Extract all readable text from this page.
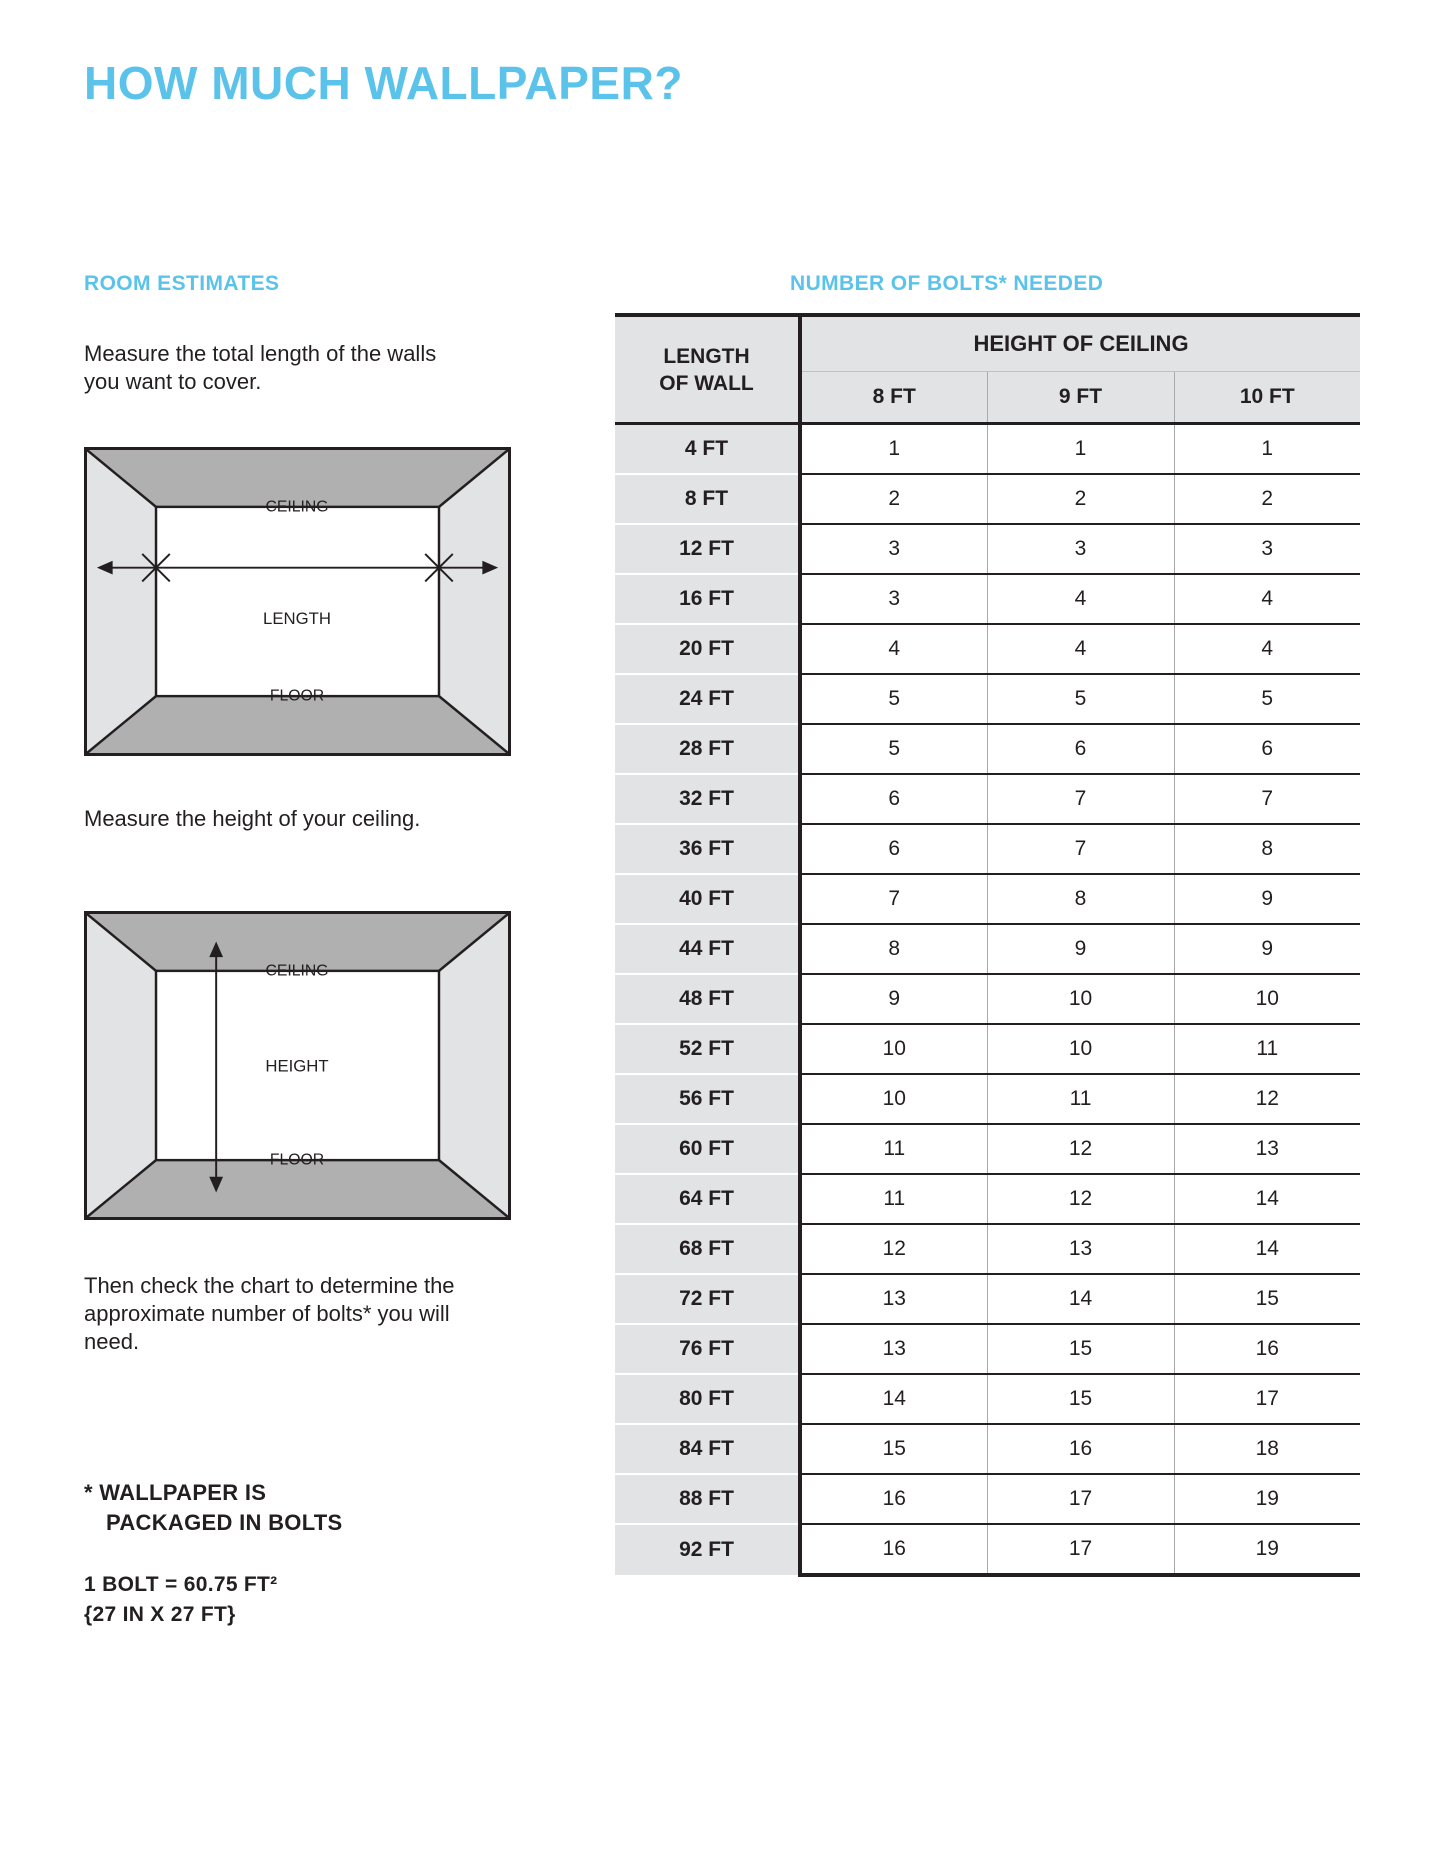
HOW MUCH WALLPAPER?
ROOM ESTIMATES	NUMBER OF BOLTS* NEEDED
Measure the total length of the walls you want to cover.
CEILING
FLOOR
LENGTH
Measure the height of your ceiling.
CEILING
FLOOR
HEIGHT
Then check the chart to determine the approximate number of bolts* you will need.
* WALLPAPER IS
PACKAGED IN BOLTS
1 BOLT = 60.75 FT²
{27 IN X 27 FT}
LENGTH
OF WALL	HEIGHT OF CEILING		
	8 FT	9 FT	10 FT
4 FT	1	1	1
8 FT	2	2	2
12 FT	3	3	3
16 FT	3	4	4
20 FT	4	4	4
24 FT	5	5	5
28 FT	5	6	6
32 FT	6	7	7
36 FT	6	7	8
40 FT	7	8	9
44 FT	8	9	9
48 FT	9	10	10
52 FT	10	10	11
56 FT	10	11	12
60 FT	11	12	13
64 FT	11	12	14
68 FT	12	13	14
72 FT	13	14	15
76 FT	13	15	16
80 FT	14	15	17
84 FT	15	16	18
88 FT	16	17	19
92 FT	16	17	19
